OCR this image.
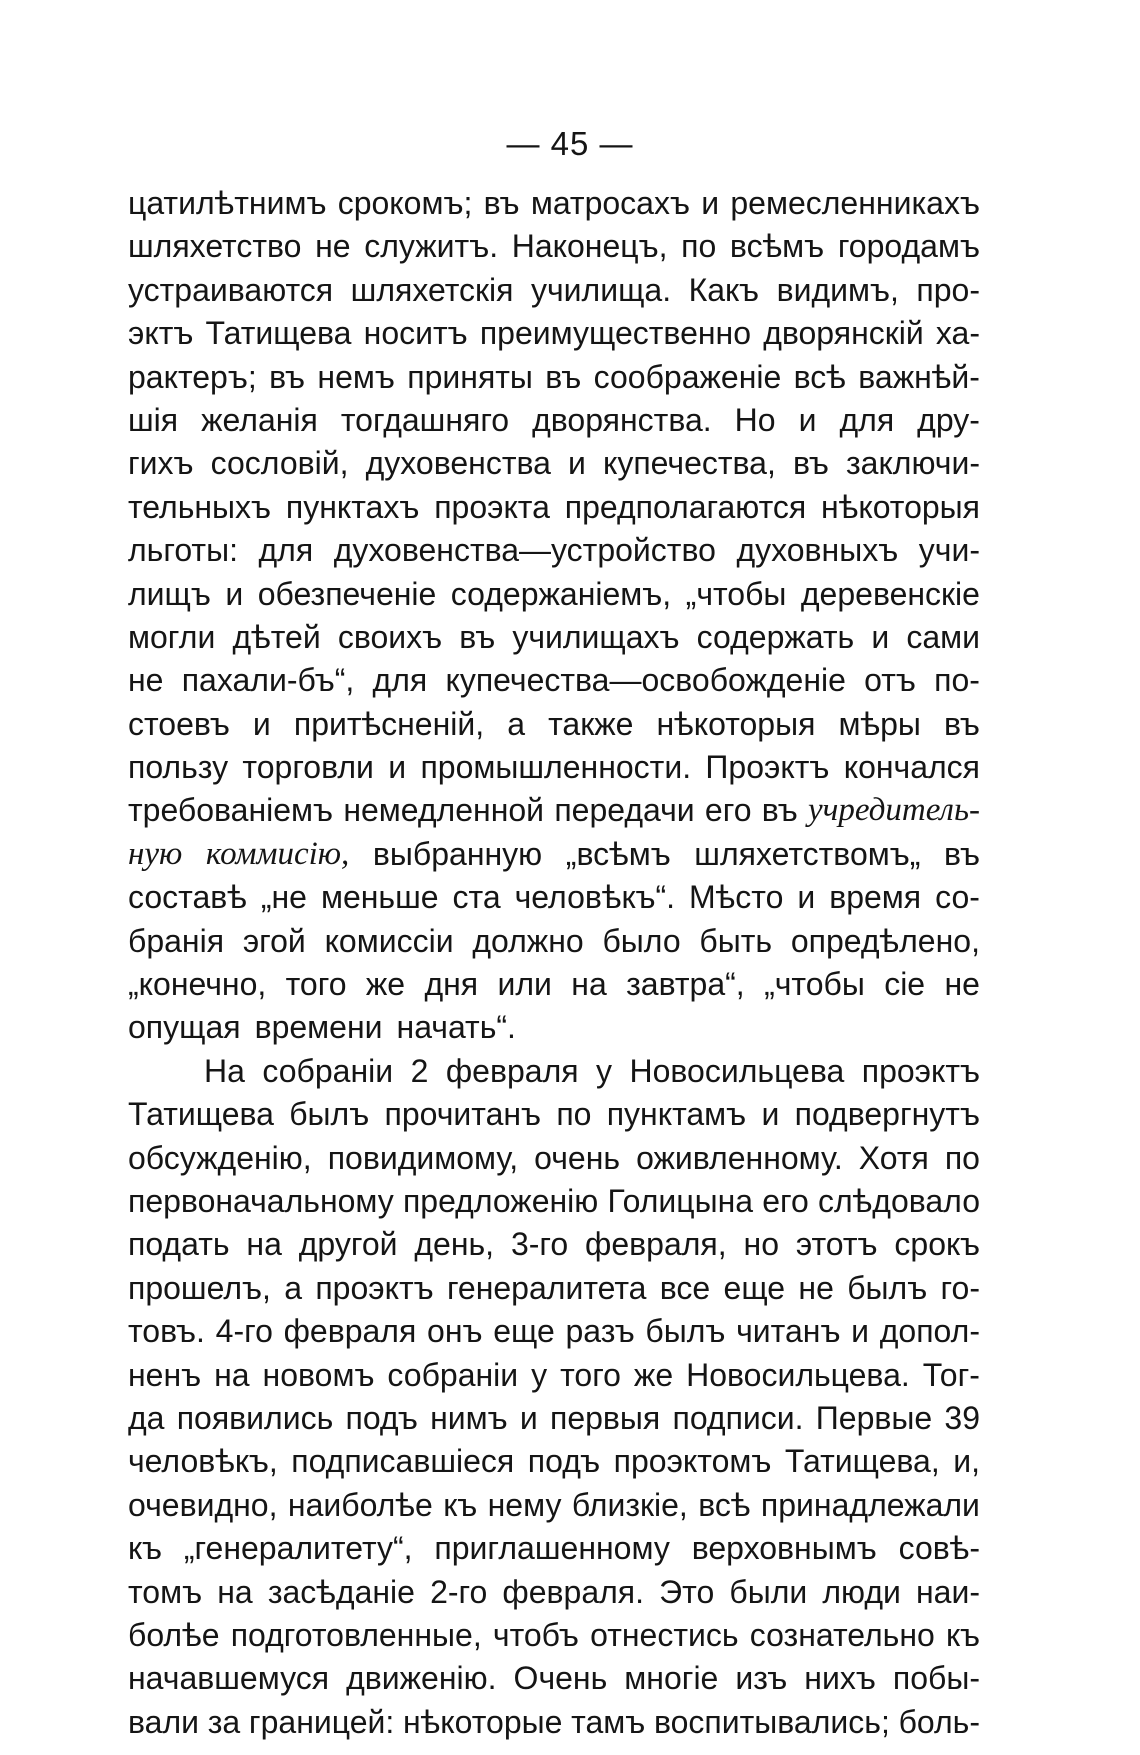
— 45 —
цатилѣтнимъ срокомъ; въ матросахъ и ремесленникахъ
шляхетство не служитъ. Наконецъ, по всѣмъ городамъ
устраиваются шляхетскія училища. Какъ видимъ, про-
эктъ Татищева носитъ преимущественно дворянскій ха-
рактеръ; въ немъ приняты въ соображеніе всѣ важнѣй-
шія желанія тогдашняго дворянства. Но и для дру-
гихъ сословій, духовенства и купечества, въ заключи-
тельныхъ пунктахъ проэкта предполагаются нѣкоторыя
льготы: для духовенства—устройство духовныхъ учи-
лищъ и обезпеченіе содержаніемъ, „чтобы деревенскіе
могли дѣтей своихъ въ училищахъ содержать и сами
не пахали-бъ“, для купечества—освобожденіе отъ по-
стоевъ и притѣсненій, а также нѣкоторыя мѣры въ
пользу торговли и промышленности. Проэктъ кончался
требованіемъ немедленной передачи его въ учредитель-
ную коммисію, выбранную „всѣмъ шляхетствомъ„ въ
составѣ „не меньше ста человѣкъ“. Мѣсто и время со-
бранія эгой комиссіи должно было быть опредѣлено,
„конечно, того же дня или на завтра“, „чтобы сіе не
опущая времени начать“.
На собраніи 2 февраля у Новосильцева проэктъ
Татищева былъ прочитанъ по пунктамъ и подвергнутъ
обсужденію, повидимому, очень оживленному. Хотя по
первоначальному предложенію Голицына его слѣдовало
подать на другой день, 3-го февраля, но этотъ срокъ
прошелъ, а проэктъ генералитета все еще не былъ го-
товъ. 4-го февраля онъ еще разъ былъ читанъ и допол-
ненъ на новомъ собраніи у того же Новосильцева. Тог-
да появились подъ нимъ и первыя подписи. Первые 39
человѣкъ, подписавшіеся подъ проэктомъ Татищева, и,
очевидно, наиболѣе къ нему близкіе, всѣ принадлежали
къ „генералитету“, приглашенному верховнымъ совѣ-
томъ на засѣданіе 2-го февраля. Это были люди наи-
болѣе подготовленные, чтобъ отнестись сознательно къ
начавшемуся движенію. Очень многіе изъ нихъ побы-
вали за границей: нѣкоторые тамъ воспитывались; боль-
